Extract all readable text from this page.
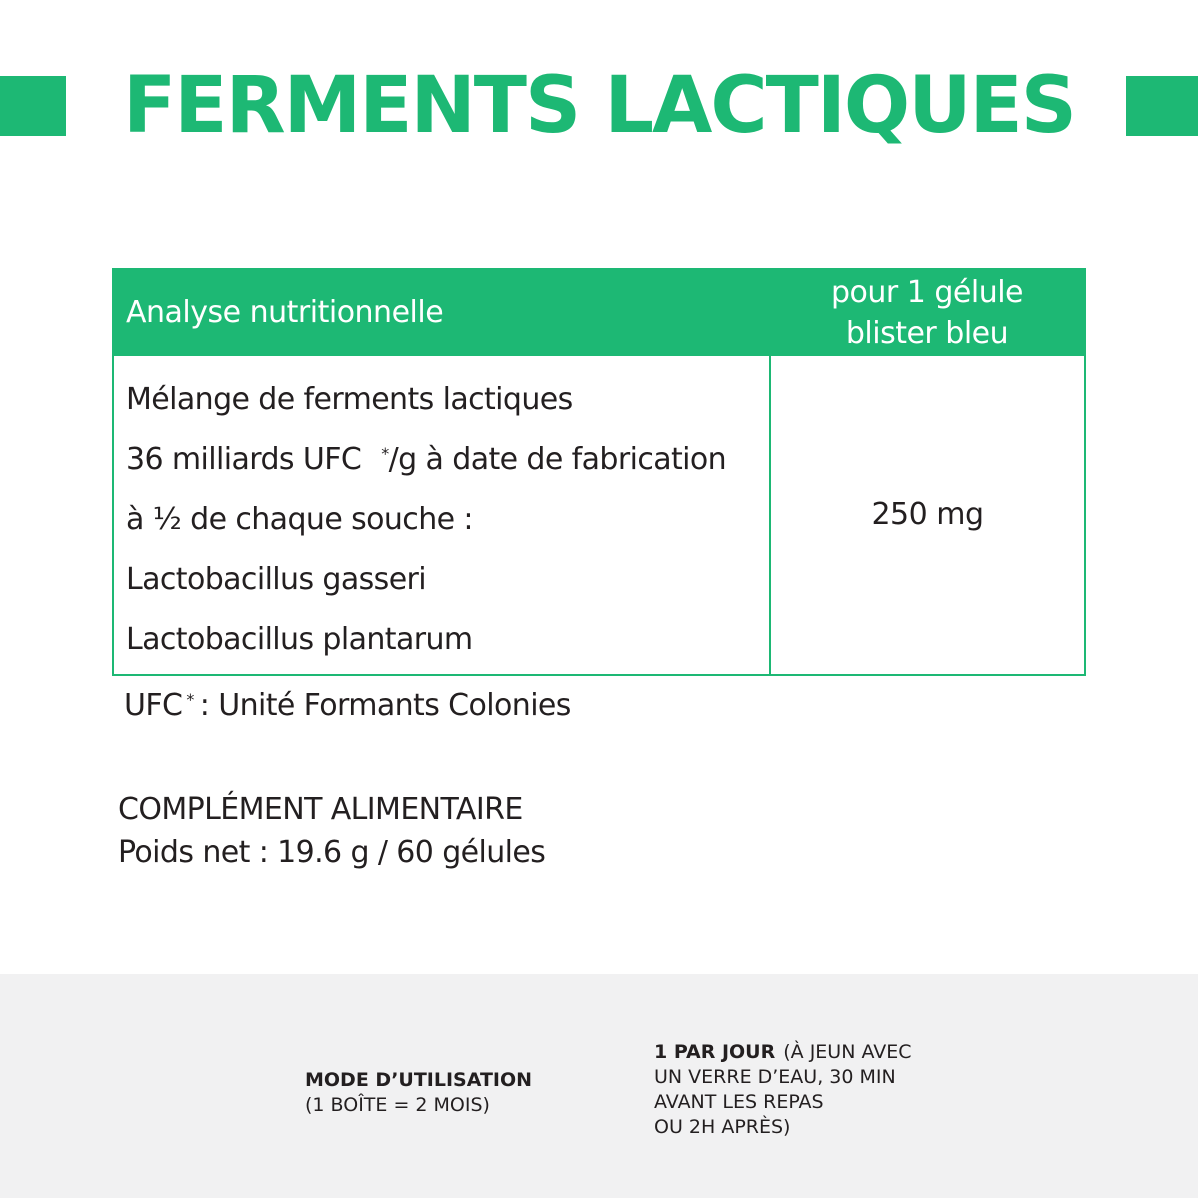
FERMENTS LACTIQUES
Analyse nutritionnelle
pour 1 gélule
blister bleu
Mélange de ferments lactiques
36 milliards UFC */g à date de fabrication
à ½ de chaque souche :
Lactobacillus gasseri
Lactobacillus plantarum
250 mg
UFC * : Unité Formants Colonies
COMPLÉMENT ALIMENTAIRE
Poids net : 19.6 g / 60 gélules
MODE D’UTILISATION
(1 BOÎTE = 2 MOIS)
1 PAR JOUR (À JEUN AVEC
UN VERRE D’EAU, 30 MIN
AVANT LES REPAS
OU 2H APRÈS)
